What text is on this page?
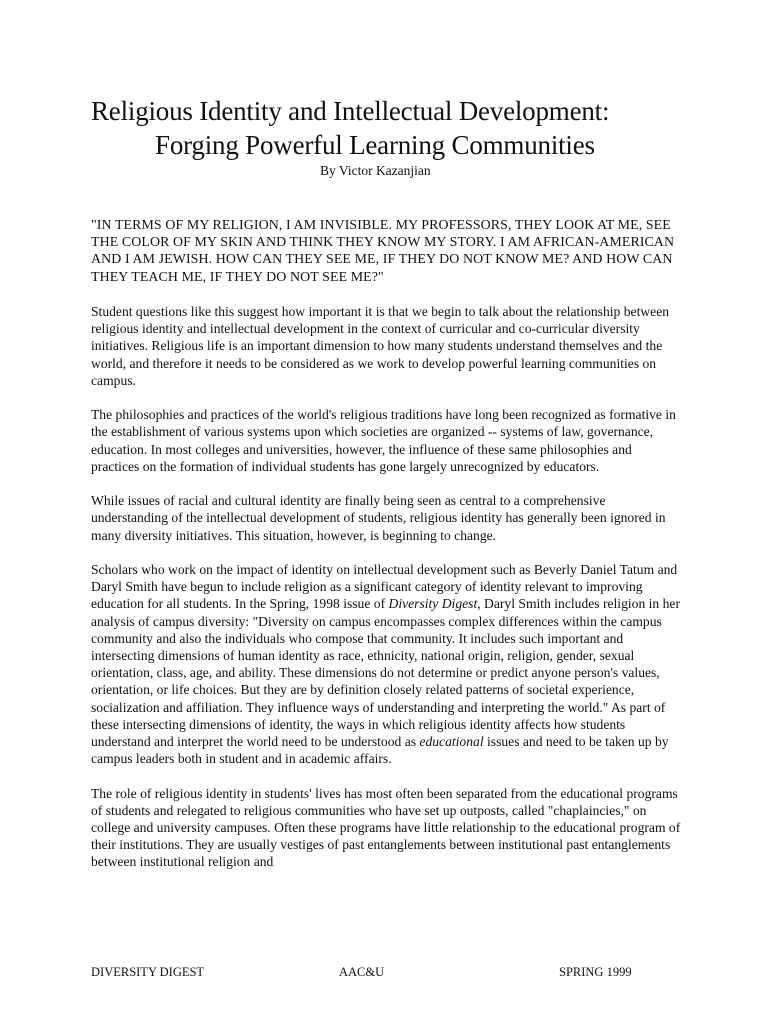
Religious Identity and Intellectual Development:
Forging Powerful Learning Communities
By Victor Kazanjian

"IN TERMS OF MY RELIGION, I AM INVISIBLE. MY PROFESSORS, THEY LOOK AT ME, SEE THE COLOR OF MY SKIN AND THINK THEY KNOW MY STORY. I AM AFRICAN-AMERICAN AND I AM JEWISH. HOW CAN THEY SEE ME, IF THEY DO NOT KNOW ME? AND HOW CAN THEY TEACH ME, IF THEY DO NOT SEE ME?"

Student questions like this suggest how important it is that we begin to talk about the relationship between religious identity and intellectual development in the context of curricular and co-curricular diversity initiatives. Religious life is an important dimension to how many students understand themselves and the world, and therefore it needs to be considered as we work to develop powerful learning communities on campus.

The philosophies and practices of the world's religious traditions have long been recognized as formative in the establishment of various systems upon which societies are organized -- systems of law, governance, education. In most colleges and universities, however, the influence of these same philosophies and practices on the formation of individual students has gone largely unrecognized by educators.

While issues of racial and cultural identity are finally being seen as central to a comprehensive understanding of the intellectual development of students, religious identity has generally been ignored in many diversity initiatives. This situation, however, is beginning to change.

Scholars who work on the impact of identity on intellectual development such as Beverly Daniel Tatum and Daryl Smith have begun to include religion as a significant category of identity relevant to improving education for all students. In the Spring, 1998 issue of Diversity Digest, Daryl Smith includes religion in her analysis of campus diversity: "Diversity on campus encompasses complex differences within the campus community and also the individuals who compose that community. It includes such important and intersecting dimensions of human identity as race, ethnicity, national origin, religion, gender, sexual orientation, class, age, and ability. These dimensions do not determine or predict anyone person's values, orientation, or life choices. But they are by definition closely related patterns of societal experience, socialization and affiliation. They influence ways of understanding and interpreting the world." As part of these intersecting dimensions of identity, the ways in which religious identity affects how students understand and interpret the world need to be understood as educational issues and need to be taken up by campus leaders both in student and in academic affairs.

The role of religious identity in students' lives has most often been separated from the educational programs of students and relegated to religious communities who have set up outposts, called "chaplaincies," on college and university campuses. Often these programs have little relationship to the educational program of their institutions. They are usually vestiges of past entanglements between institutional past entanglements between institutional religion and

DIVERSITY DIGEST	AAC&U	SPRING 1999
